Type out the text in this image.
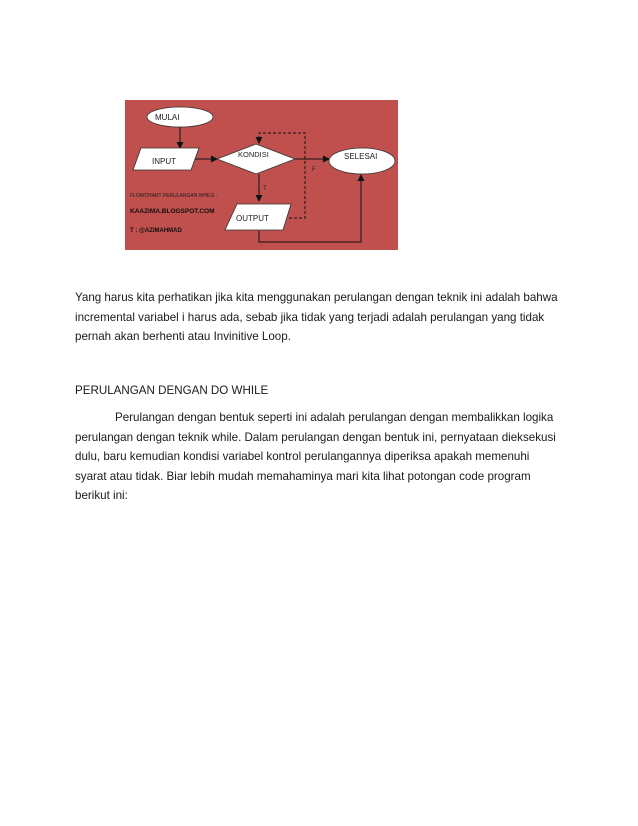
MULAI
INPUT
KONDISI	SELESAI
OUTPUT
F
T
FLOWCHART PERULANGAN WHILE :
KAAZIMA.BLOGSPOT.COM
T : @AZIMAHMAD

Yang harus kita perhatikan jika kita menggunakan perulangan dengan teknik ini adalah bahwa incremental variabel i harus ada, sebab jika tidak yang terjadi adalah perulangan yang tidak pernah akan berhenti atau Invinitive Loop.

PERULANGAN DENGAN DO WHILE

Perulangan dengan bentuk seperti ini adalah perulangan dengan membalikkan logika perulangan dengan teknik while. Dalam perulangan dengan bentuk ini, pernyataan dieksekusi dulu, baru kemudian kondisi variabel kontrol perulangannya diperiksa apakah memenuhi syarat atau tidak. Biar lebih mudah memahaminya mari kita lihat potongan code program berikut ini:
